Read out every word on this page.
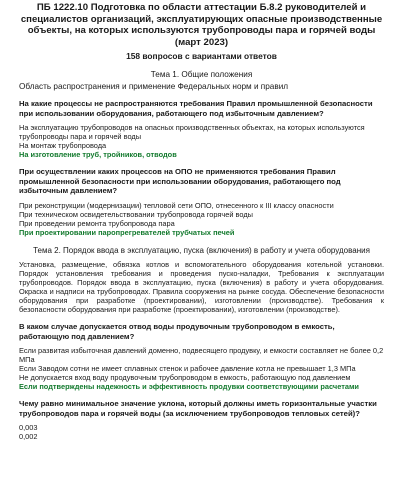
ПБ 1222.10 Подготовка по области аттестации Б.8.2 руководителей и специалистов организаций, эксплуатирующих опасные производственные объекты, на которых используются трубопроводы пара и горячей воды (март 2023)

158 вопросов с вариантами ответов

Тема 1. Общие положения

Область распространения и применение Федеральных норм и правил

На какие процессы не распространяются требования Правил промышленной безопасности при использовании оборудования, работающего под избыточным давлением?

На эксплуатацию трубопроводов на опасных производственных объектах, на которых используются трубопроводы пара и горячей воды

На монтаж трубопровода

На изготовление труб, тройников, отводов

При осуществлении каких процессов на ОПО не применяются требования Правил промышленной безопасности при использовании оборудования, работающего под избыточным давлением?

При реконструкции (модернизации) тепловой сети ОПО, отнесенного к III классу опасности

При техническом освидетельствовании трубопровода горячей воды

При проведении ремонта трубопровода пара

При проектировании паропрегревателей трубчатых печей

Тема 2. Порядок ввода в эксплуатацию, пуска (включения) в работу и учета оборудования

Установка, размещение, обвязка котлов и вспомогательного оборудования котельной установки. Порядок установления требования и проведения пуско-наладки, Требования к эксплуатации трубопроводов. Порядок ввода в эксплуатацию, пуска (включения) в работу и учета оборудования. Окраска и надписи на трубопроводах. Правила сооружения на рынке сосуда. Обеспечение безопасности оборудования при разработке (проектировании), изготовлении (производстве). Требования к безопасности оборудования при разработке (проектировании), изготовлении (производстве).

В каком случае допускается отвод воды продувочным трубопроводом в емкость, работающую под давлением?

Если развитая избыточная давлений доменно, подвесящего продувку, и емкости составляет не более 0,2 МПа

Если Заводом сотни не имеет сплавных стенок и рабочее давление котла не превышает 1,3 МПа

Не допускается вход воду продувочным трубопроводом в емкость, работающую под давлением

Если подтверждены надежность и эффективность продувки соответствующими расчетами

Чему равно минимальное значение уклона, который должны иметь горизонтальные участки трубопроводов пара и горячей воды (за исключением трубопроводов тепловых сетей)?

0,003

0,002
